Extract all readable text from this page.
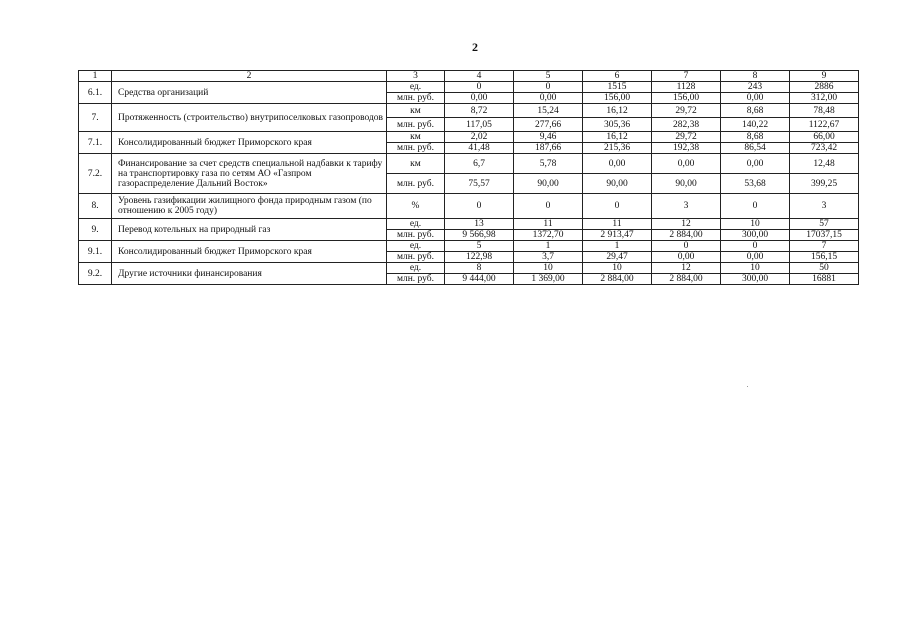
2
1	2	3	4	5	6	7	8	9
6.1.	Средства организаций	ед.	0	0	1515	1128	243	2886
		млн. руб.	0,00	0,00	156,00	156,00	0,00	312,00
7.	Протяженность (строительство) внутрипоселковых газопроводов	км	8,72	15,24	16,12	29,72	8,68	78,48
		млн. руб.	117,05	277,66	305,36	282,38	140,22	1122,67
7.1.	Консолидированный бюджет Приморского края	км	2,02	9,46	16,12	29,72	8,68	66,00
		млн. руб.	41,48	187,66	215,36	192,38	86,54	723,42
7.2.	Финансирование за счет средств специальной надбавки к тарифу на транспортировку газа по сетям АО «Газпром газораспределение Дальний Восток»	км	6,7	5,78	0,00	0,00	0,00	12,48
		млн. руб.	75,57	90,00	90,00	90,00	53,68	399,25
8.	Уровень газификации жилищного фонда природным газом (по отношению к 2005 году)	%	0	0	0	3	0	3
9.	Перевод котельных на природный газ	ед.	13	11	11	12	10	57
		млн. руб.	9 566,98	1372,70	2 913,47	2 884,00	300,00	17037,15
9.1.	Консолидированный бюджет Приморского края	ед.	5	1	1	0	0	7
		млн. руб.	122,98	3,7	29,47	0,00	0,00	156,15
9.2.	Другие источники финансирования	ед.	8	10	10	12	10	50
		млн. руб.	9 444,00	1 369,00	2 884,00	2 884,00	300,00	16881
